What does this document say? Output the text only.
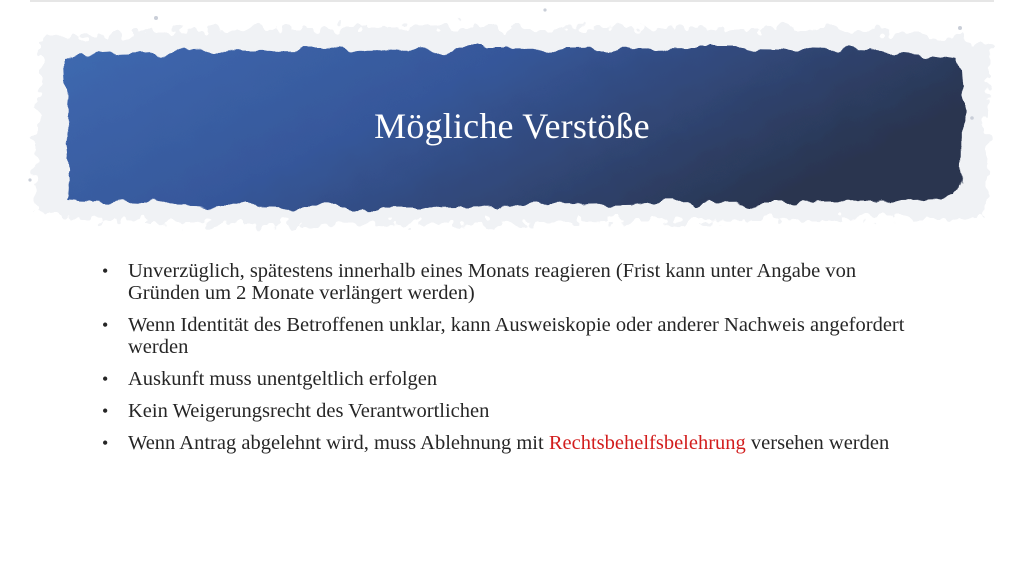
Mögliche Verstöße
• Unverzüglich, spätestens innerhalb eines Monats reagieren (Frist kann unter Angabe von Gründen um 2 Monate verlängert werden)
• Wenn Identität des Betroffenen unklar, kann Ausweiskopie oder anderer Nachweis angefordert werden
• Auskunft muss unentgeltlich erfolgen
• Kein Weigerungsrecht des Verantwortlichen
• Wenn Antrag abgelehnt wird, muss Ablehnung mit Rechtsbehelfsbelehrung versehen werden
